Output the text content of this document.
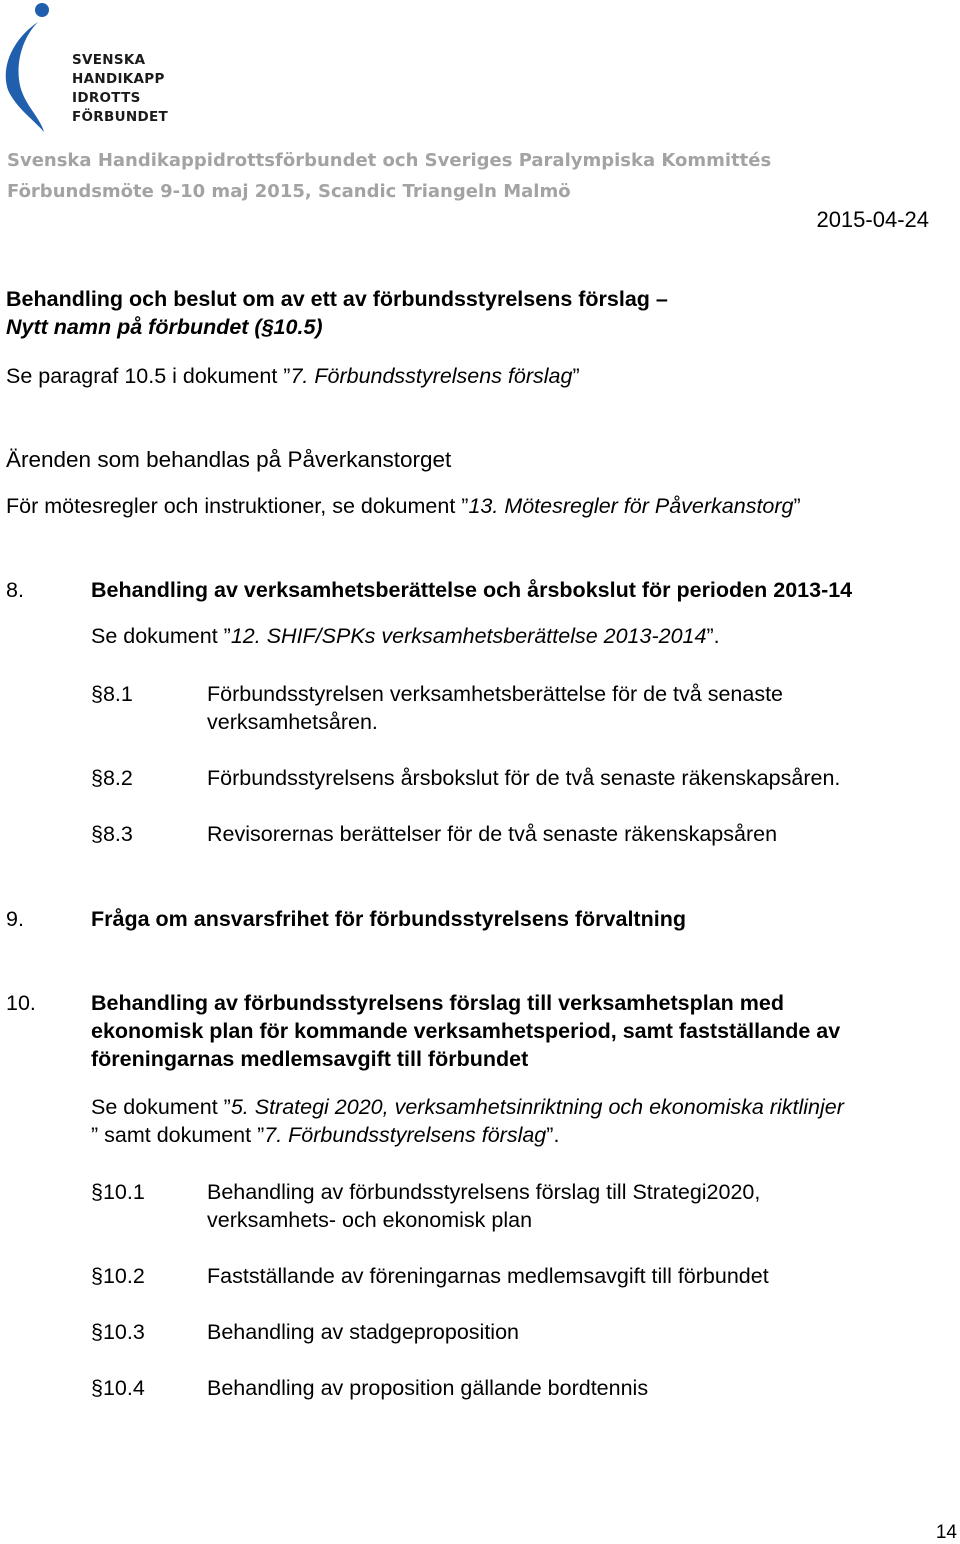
SVENSKA
HANDIKAPP
IDROTTS
FÖRBUNDET
Svenska Handikappidrottsförbundet och Sveriges Paralympiska Kommittés
Förbundsmöte 9-10 maj 2015, Scandic Triangeln Malmö
2015-04-24
Behandling och beslut om av ett av förbundsstyrelsens förslag –
Nytt namn på förbundet (§10.5)
Se paragraf 10.5 i dokument ”7. Förbundsstyrelsens förslag”
Ärenden som behandlas på Påverkanstorget
För mötesregler och instruktioner, se dokument ”13. Mötesregler för Påverkanstorg”
8.	Behandling av verksamhetsberättelse och årsbokslut för perioden 2013-14
Se dokument ”12. SHIF/SPKs verksamhetsberättelse 2013-2014”.
§8.1	Förbundsstyrelsen verksamhetsberättelse för de två senaste
verksamhetsåren.
§8.2	Förbundsstyrelsens årsbokslut för de två senaste räkenskapsåren.
§8.3	Revisorernas berättelser för de två senaste räkenskapsåren
9.	Fråga om ansvarsfrihet för förbundsstyrelsens förvaltning
10.	Behandling av förbundsstyrelsens förslag till verksamhetsplan med
ekonomisk plan för kommande verksamhetsperiod, samt fastställande av
föreningarnas medlemsavgift till förbundet
Se dokument ”5. Strategi 2020, verksamhetsinriktning och ekonomiska riktlinjer
” samt dokument ”7. Förbundsstyrelsens förslag”.
§10.1	Behandling av förbundsstyrelsens förslag till Strategi2020,
verksamhets- och ekonomisk plan
§10.2	Fastställande av föreningarnas medlemsavgift till förbundet
§10.3	Behandling av stadgeproposition
§10.4	Behandling av proposition gällande bordtennis
14
